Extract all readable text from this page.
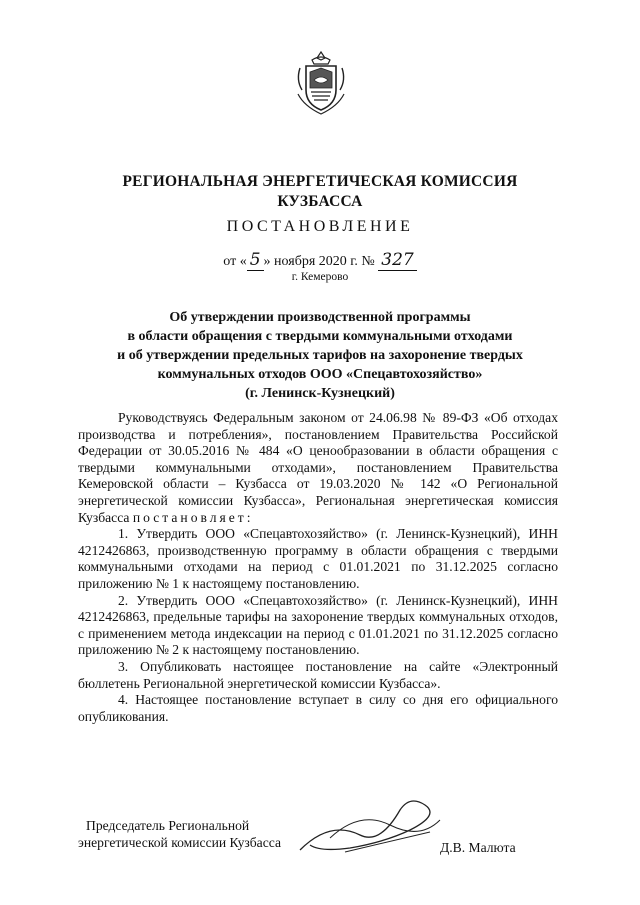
РЕГИОНАЛЬНАЯ ЭНЕРГЕТИЧЕСКАЯ КОМИССИЯ
КУЗБАССА
ПОСТАНОВЛЕНИЕ
от « 5 » ноября 2020 г. № 327
г. Кемерово
Об утверждении производственной программы
в области обращения с твердыми коммунальными отходами
и об утверждении предельных тарифов на захоронение твердых
коммунальных отходов ООО «Спецавтохозяйство»
(г. Ленинск-Кузнецкий)

Руководствуясь Федеральным законом от 24.06.98 № 89-ФЗ «Об отходах производства и потребления», постановлением Правительства Российской Федерации от 30.05.2016 № 484 «О ценообразовании в области обращения с твердыми коммунальными отходами», постановлением Правительства Кемеровской области – Кузбасса от 19.03.2020 № 142 «О Региональной энергетической комиссии Кузбасса», Региональная энергетическая комиссия Кузбасса постановляет:

1. Утвердить ООО «Спецавтохозяйство» (г. Ленинск-Кузнецкий), ИНН 4212426863, производственную программу в области обращения с твердыми коммунальными отходами на период с 01.01.2021 по 31.12.2025 согласно приложению № 1 к настоящему постановлению.

2. Утвердить ООО «Спецавтохозяйство» (г. Ленинск-Кузнецкий), ИНН 4212426863, предельные тарифы на захоронение твердых коммунальных отходов, с применением метода индексации на период с 01.01.2021 по 31.12.2025 согласно приложению № 2 к настоящему постановлению.

3. Опубликовать настоящее постановление на сайте «Электронный бюллетень Региональной энергетической комиссии Кузбасса».

4. Настоящее постановление вступает в силу со дня его официального опубликования.

Председатель Региональной
энергетической комиссии Кузбасса	Д.В. Малюта
